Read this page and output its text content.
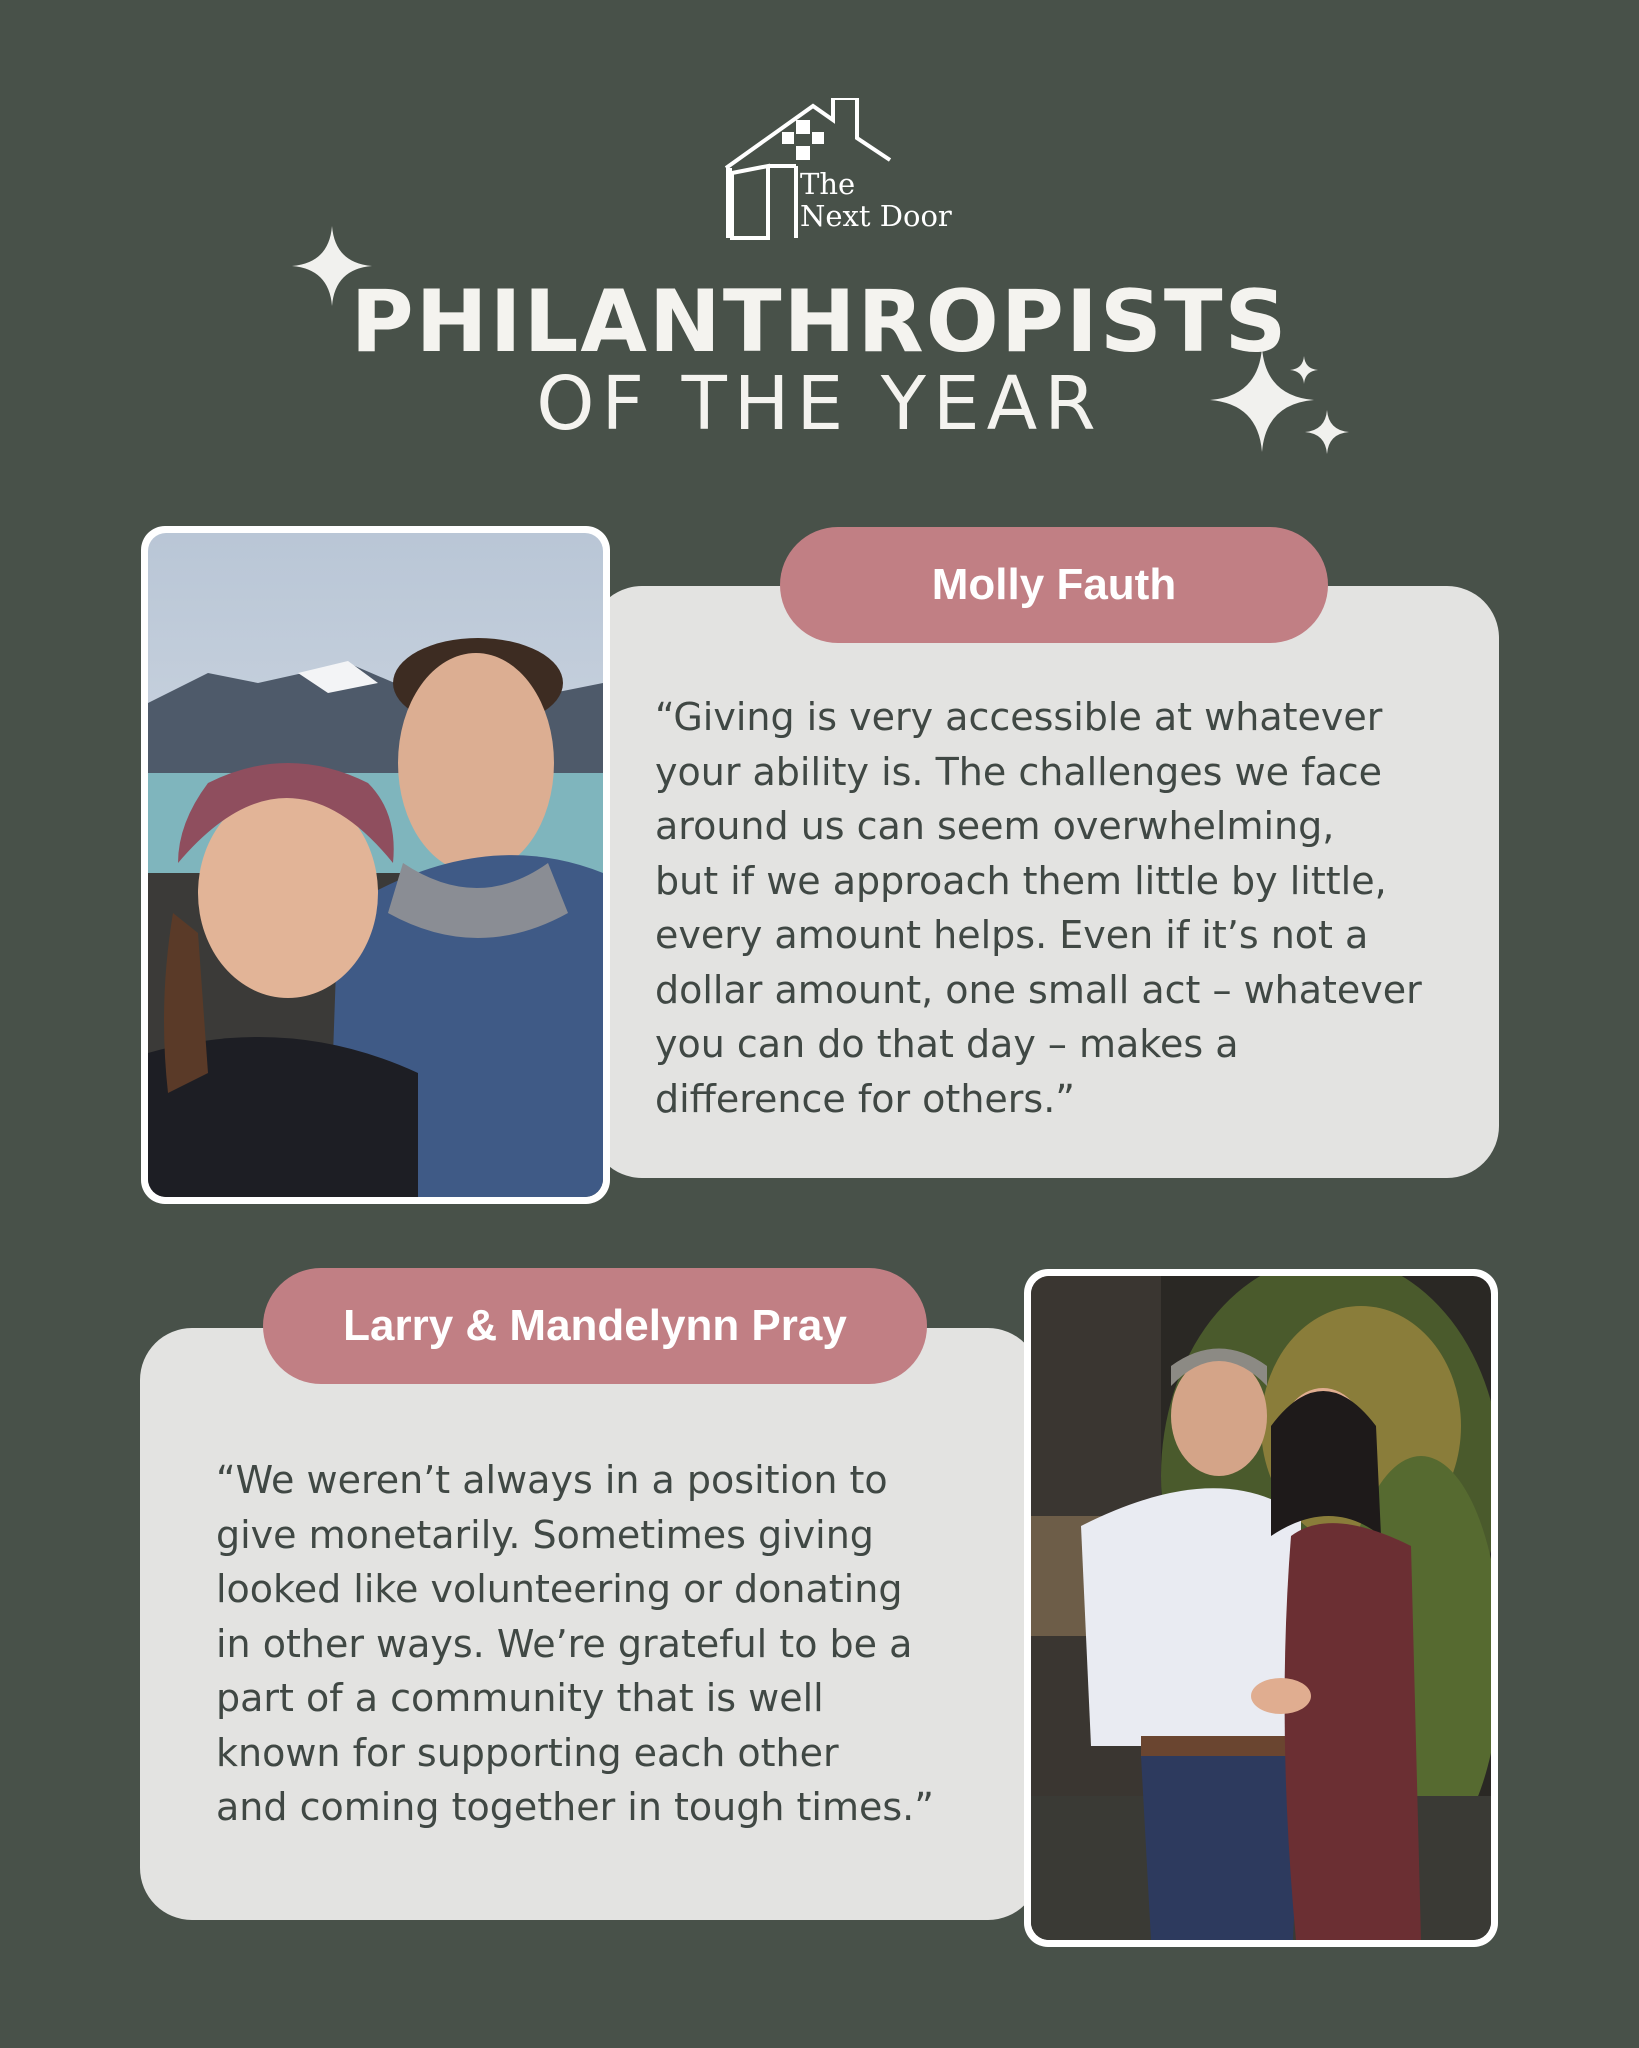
The
Next Door
PHILANTHROPISTS
OF THE YEAR
Molly Fauth
“Giving is very accessible at whatever
your ability is. The challenges we face
around us can seem overwhelming,
but if we approach them little by little,
every amount helps. Even if it’s not a
dollar amount, one small act – whatever
you can do that day – makes a
difference for others.”
Larry & Mandelynn Pray
“We weren’t always in a position to
give monetarily. Sometimes giving
looked like volunteering or donating
in other ways. We’re grateful to be a
part of a community that is well
known for supporting each other
and coming together in tough times.”
